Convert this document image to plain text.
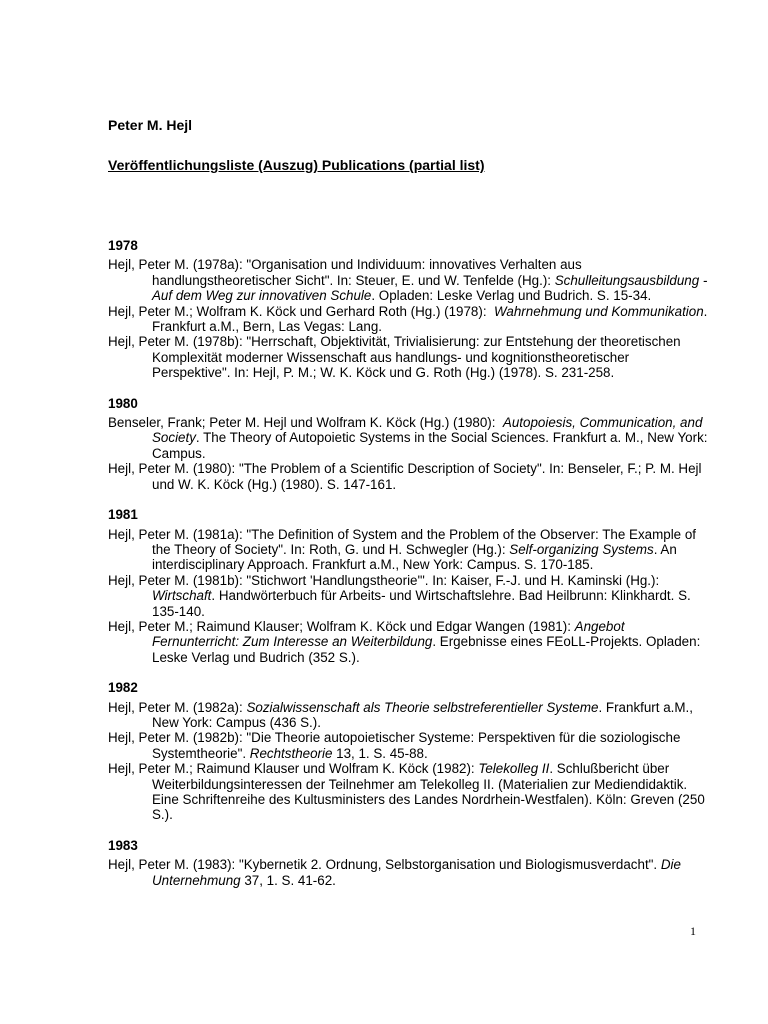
Peter M. Hejl
Veröffentlichungsliste (Auszug) Publications (partial list)
1978

Hejl, Peter M. (1978a): "Organisation und Individuum: innovatives Verhalten aus handlungstheoretischer Sicht". In: Steuer, E. und W. Tenfelde (Hg.): Schulleitungsausbildung - Auf dem Weg zur innovativen Schule. Opladen: Leske Verlag und Budrich. S. 15-34.

Hejl, Peter M.; Wolfram K. Köck und Gerhard Roth (Hg.) (1978):  Wahrnehmung und Kommunikation. Frankfurt a.M., Bern, Las Vegas: Lang.

Hejl, Peter M. (1978b): "Herrschaft, Objektivität, Trivialisierung: zur Entstehung der theoretischen Komplexität moderner Wissenschaft aus handlungs- und kognitionstheoretischer Perspektive". In: Hejl, P. M.; W. K. Köck und G. Roth (Hg.) (1978). S. 231-258.

1980

Benseler, Frank; Peter M. Hejl und Wolfram K. Köck (Hg.) (1980):  Autopoiesis, Communication, and Society. The Theory of Autopoietic Systems in the Social Sciences. Frankfurt a. M., New York: Campus.

Hejl, Peter M. (1980): "The Problem of a Scientific Description of Society". In: Benseler, F.; P. M. Hejl und W. K. Köck (Hg.) (1980). S. 147-161.

1981

Hejl, Peter M. (1981a): "The Definition of System and the Problem of the Observer: The Example of the Theory of Society". In: Roth, G. und H. Schwegler (Hg.): Self-organizing Systems. An interdisciplinary Approach. Frankfurt a.M., New York: Campus. S. 170-185.

Hejl, Peter M. (1981b): "Stichwort 'Handlungstheorie'". In: Kaiser, F.-J. und H. Kaminski (Hg.): Wirtschaft. Handwörterbuch für Arbeits- und Wirtschaftslehre. Bad Heilbrunn: Klinkhardt. S. 135-140.

Hejl, Peter M.; Raimund Klauser; Wolfram K. Köck und Edgar Wangen (1981): Angebot Fernunterricht: Zum Interesse an Weiterbildung. Ergebnisse eines FEoLL-Projekts. Opladen: Leske Verlag und Budrich (352 S.).

1982

Hejl, Peter M. (1982a): Sozialwissenschaft als Theorie selbstreferentieller Systeme. Frankfurt a.M., New York: Campus (436 S.).

Hejl, Peter M. (1982b): "Die Theorie autopoietischer Systeme: Perspektiven für die soziologische Systemtheorie". Rechtstheorie 13, 1. S. 45-88.

Hejl, Peter M.; Raimund Klauser und Wolfram K. Köck (1982): Telekolleg II. Schlußbericht über Weiterbildungsinteressen der Teilnehmer am Telekolleg II. (Materialien zur Mediendidaktik. Eine Schriftenreihe des Kultusministers des Landes Nordrhein-Westfalen). Köln: Greven (250 S.).

1983

Hejl, Peter M. (1983): "Kybernetik 2. Ordnung, Selbstorganisation und Biologismusverdacht". Die Unternehmung 37, 1. S. 41-62.

1
